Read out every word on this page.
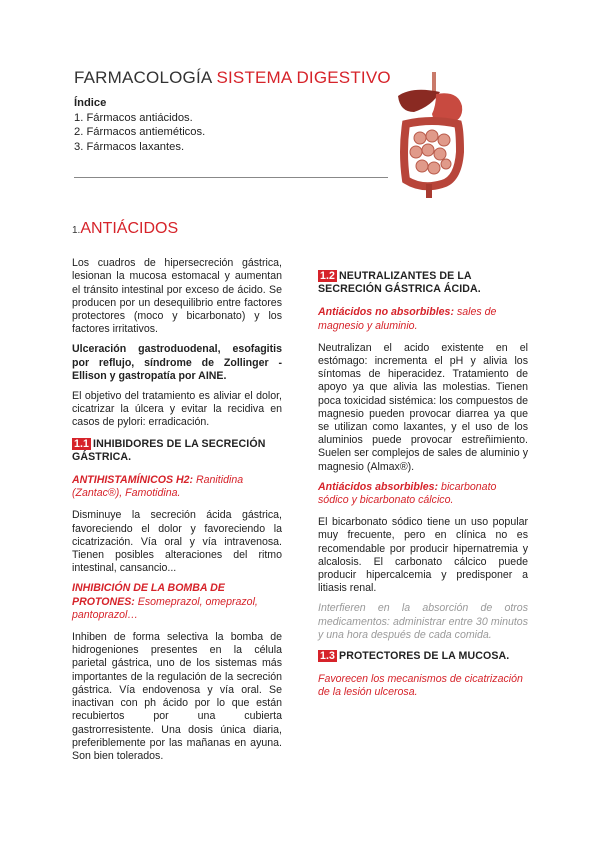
FARMACOLOGÍA SISTEMA DIGESTIVO
Índice
1. Fármacos antiácidos.
2. Fármacos antieméticos.
3. Fármacos laxantes.
1.ANTIÁCIDOS

Los cuadros de hipersecreción gástrica, lesionan la mucosa estomacal y aumentan el tránsito intestinal por exceso de ácido. Se producen por un desequilibrio entre factores protectores (moco y bicarbonato) y los factores irritativos.

Ulceración gastroduodenal, esofagitis por reflujo, síndrome de Zollinger - Ellison y gastropatía por AINE.

El objetivo del tratamiento es aliviar el dolor, cicatrizar la úlcera y evitar la recidiva en casos de pylori: erradicación.

1.1 INHIBIDORES DE LA SECRECIÓN GÁSTRICA.
ANTIHISTAMÍNICOS H2: Ranitidina (Zantac®), Famotidina.

Disminuye la secreción ácida gástrica, favoreciendo el dolor y favoreciendo la cicatrización. Vía oral y vía intravenosa. Tienen posibles alteraciones del ritmo intestinal, cansancio...

INHIBICIÓN DE LA BOMBA DE PROTONES: Esomeprazol, omeprazol, pantoprazol…

Inhiben de forma selectiva la bomba de hidrogeniones presentes en la célula parietal gástrica, uno de los sistemas más importantes de la regulación de la secreción gástrica. Vía endovenosa y vía oral. Se inactivan con ph ácido por lo que están recubiertos por una cubierta gastrorresistente. Una dosis única diaria, preferiblemente por las mañanas en ayuna. Son bien tolerados.

1.2 NEUTRALIZANTES DE LA SECRECIÓN GÁSTRICA ÁCIDA.
Antiácidos no absorbibles: sales de magnesio y aluminio.

Neutralizan el acido existente en el estómago: incrementa el pH y alivia los síntomas de hiperacidez. Tratamiento de apoyo ya que alivia las molestias. Tienen poca toxicidad sistémica: los compuestos de magnesio pueden provocar diarrea ya que se utilizan como laxantes, y el uso de los aluminios puede provocar estreñimiento. Suelen ser complejos de sales de aluminio y magnesio (Almax®).

Antiácidos absorbibles: bicarbonato sódico y bicarbonato cálcico.

El bicarbonato sódico tiene un uso popular muy frecuente, pero en clínica no es recomendable por producir hipernatremia y alcalosis. El carbonato cálcico puede producir hipercalcemia y predisponer a litiasis renal.

Interfieren en la absorción de otros medicamentos: administrar entre 30 minutos y una hora después de cada comida.

1.3 PROTECTORES DE LA MUCOSA.
Favorecen los mecanismos de cicatrización de la lesión ulcerosa.
